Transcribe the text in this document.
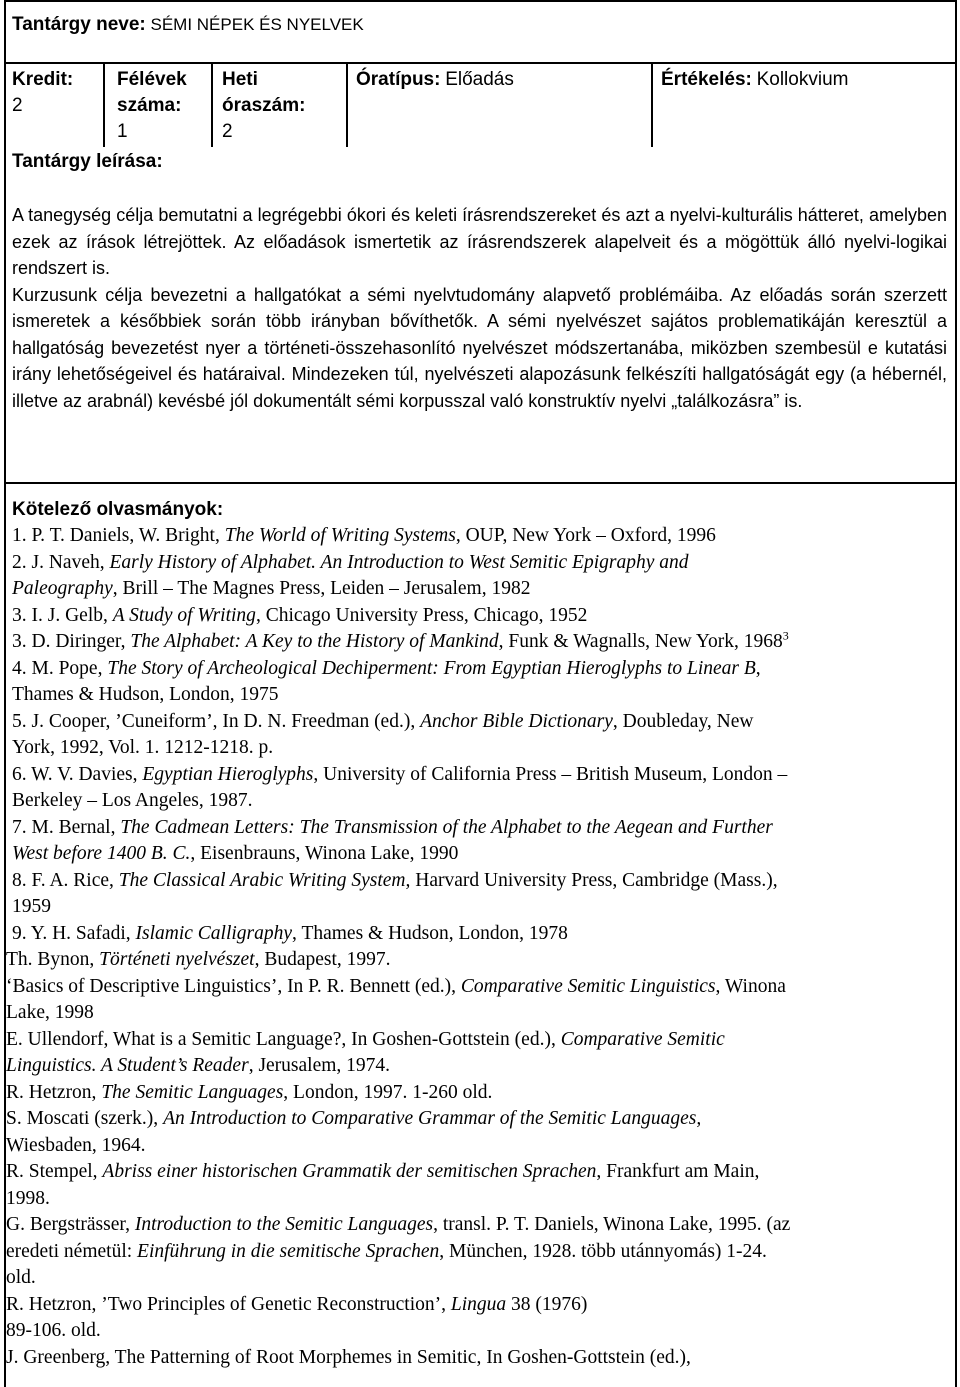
Tantárgy neve: SÉMI NÉPEK ÉS NYELVEK
Kredit:
2
Félévek
száma:
1
Heti
óraszám:
2
Óratípus: Előadás	Értékelés: Kollokvium
Tantárgy leírása:

A tanegység célja bemutatni a legrégebbi ókori és keleti írásrendszereket és azt a nyelvi-kulturális hátteret, amelyben ezek az írások létrejöttek. Az előadások ismertetik az írásrendszerek alapelveit és a mögöttük álló nyelvi-logikai rendszert is.

Kurzusunk célja bevezetni a hallgatókat a sémi nyelvtudomány alapvető problémáiba. Az előadás során szerzett ismeretek a későbbiek során több irányban bővíthetők. A sémi nyelvészet sajátos problematikáján keresztül a hallgatóság bevezetést nyer a történeti-összehasonlító nyelvészet módszertanába, miközben szembesül e kutatási irány lehetőségeivel és határaival. Mindezeken túl, nyelvészeti alapozásunk felkészíti hallgatóságát egy (a hébernél, illetve az arabnál) kevésbé jól dokumentált sémi korpusszal való konstruktív nyelvi „találkozásra” is.

Kötelező olvasmányok:
1. P. T. Daniels, W. Bright, The World of Writing Systems, OUP, New York – Oxford, 1996
2. J. Naveh, Early History of Alphabet. An Introduction to West Semitic Epigraphy and
Paleography, Brill – The Magnes Press, Leiden – Jerusalem, 1982
3. I. J. Gelb, A Study of Writing, Chicago University Press, Chicago, 1952
3. D. Diringer, The Alphabet: A Key to the History of Mankind, Funk & Wagnalls, New York, 1968$^3$
4. M. Pope, The Story of Archeological Dechiperment: From Egyptian Hieroglyphs to Linear B,
Thames & Hudson, London, 1975
5. J. Cooper, ’Cuneiform’, In D. N. Freedman (ed.), Anchor Bible Dictionary, Doubleday, New
York, 1992, Vol. 1. 1212-1218. p.
6. W. V. Davies, Egyptian Hieroglyphs, University of California Press – British Museum, London –
Berkeley – Los Angeles, 1987.
7. M. Bernal, The Cadmean Letters: The Transmission of the Alphabet to the Aegean and Further
West before 1400 B. C., Eisenbrauns, Winona Lake, 1990
8. F. A. Rice, The Classical Arabic Writing System, Harvard University Press, Cambridge (Mass.),
1959
9. Y. H. Safadi, Islamic Calligraphy, Thames & Hudson, London, 1978
Th. Bynon, Történeti nyelvészet, Budapest, 1997.
‘Basics of Descriptive Linguistics’, In P. R. Bennett (ed.), Comparative Semitic Linguistics, Winona
Lake, 1998
E. Ullendorf, What is a Semitic Language?, In Goshen-Gottstein (ed.), Comparative Semitic
Linguistics. A Student’s Reader, Jerusalem, 1974.
R. Hetzron, The Semitic Languages, London, 1997. 1-260 old.
S. Moscati (szerk.), An Introduction to Comparative Grammar of the Semitic Languages,
Wiesbaden, 1964.
R. Stempel, Abriss einer historischen Grammatik der semitischen Sprachen, Frankfurt am Main,
1998.
G. Bergsträsser, Introduction to the Semitic Languages, transl. P. T. Daniels, Winona Lake, 1995. (az
eredeti németül: Einführung in die semitische Sprachen, München, 1928. több utánnyomás) 1-24.
old.
R. Hetzron, ’Two Principles of Genetic Reconstruction’, Lingua 38 (1976)
89-106. old.
J. Greenberg, The Patterning of Root Morphemes in Semitic, In Goshen-Gottstein (ed.),
